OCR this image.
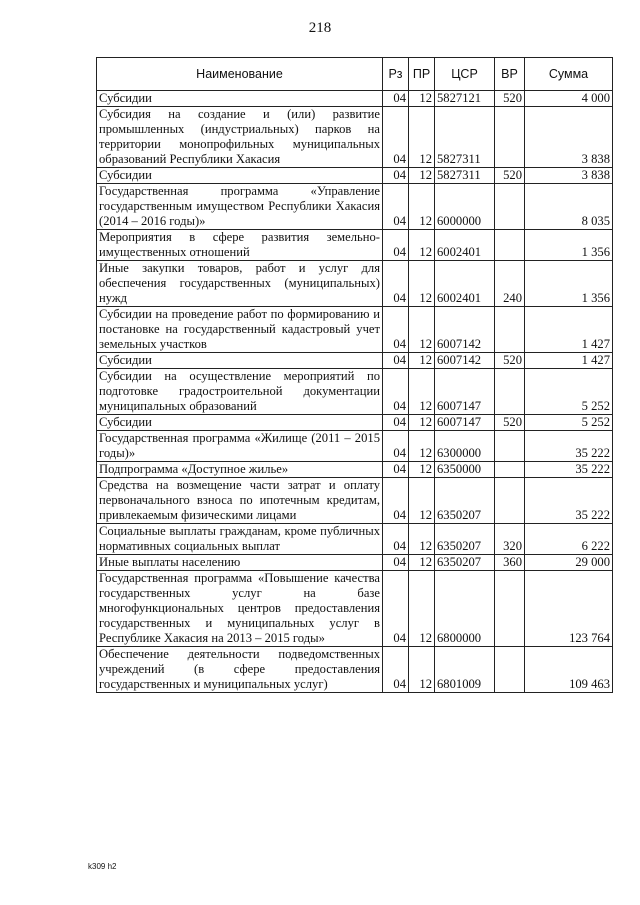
218
Наименование	Рз	ПР	ЦСР	ВР	Сумма
Субсидии	04	12	5827121	520	4 000
Субсидия на создание и (или) развитие промышленных (индустриальных) парков на территории монопрофильных муниципальных образований Республики Хакасия	04	12	5827311		3 838
Субсидии	04	12	5827311	520	3 838
Государственная программа «Управление государственным имуществом Республики Хакасия (2014 – 2016 годы)»	04	12	6000000		8 035
Мероприятия в сфере развития земельно-имущественных отношений	04	12	6002401		1 356
Иные закупки товаров, работ и услуг для обеспечения государственных (муниципальных) нужд	04	12	6002401	240	1 356
Субсидии на проведение работ по формированию и постановке на государственный кадастровый учет земельных участков	04	12	6007142		1 427
Субсидии	04	12	6007142	520	1 427
Субсидии на осуществление мероприятий по подготовке градостроительной документации муниципальных образований	04	12	6007147		5 252
Субсидии	04	12	6007147	520	5 252
Государственная программа «Жилище (2011 – 2015 годы)»	04	12	6300000		35 222
Подпрограмма «Доступное жилье»	04	12	6350000		35 222
Средства на возмещение части затрат и оплату первоначального взноса по ипотечным кредитам, привлекаемым физическими лицами	04	12	6350207		35 222
Социальные выплаты гражданам, кроме публичных нормативных социальных выплат	04	12	6350207	320	6 222
Иные выплаты населению	04	12	6350207	360	29 000
Государственная программа «Повышение качества государственных услуг на базе многофункциональных центров предоставления государственных и муниципальных услуг в Республике Хакасия на 2013 – 2015 годы»	04	12	6800000		123 764
Обеспечение деятельности подведомственных учреждений (в сфере предоставления государственных и муниципальных услуг)	04	12	6801009		109 463
k309 h2
